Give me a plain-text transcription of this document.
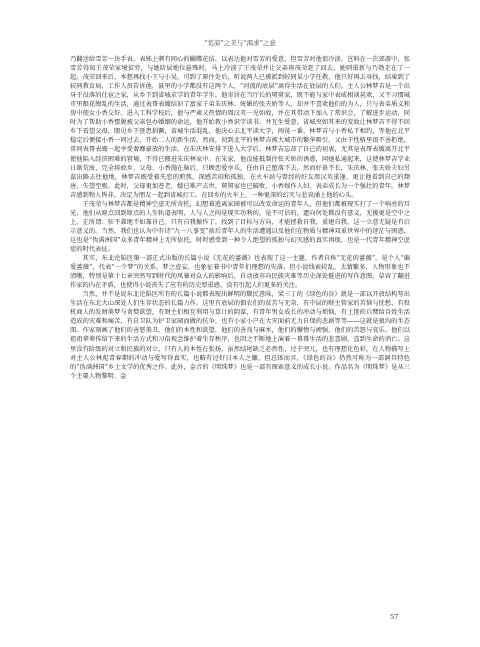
“荒凉”之美与“渴求”之意

乃翻送给雪芳一块手表，表姊上刺有同心的蝴蝶花结，以表达他对雪芳的爱意，但雪芳对他很冷淡。岂料在一次郊游中，张雪芳得知王茂荣家境贫穷，与她阶层地位悬殊时，马上冷淡了王茂荣并让父亲将茂荣赶了回去，她则重新与乃勃走在了一起。茂荣回来后，本想再找小王与小吴，可到了原住处后，听说两人已被派到较同某小学任教，他只好再去寻找，结果到了较同教育局，工作人员告诉他，县里的小学都没有这两个人，“河流的底层”离得生活在底层的人们。主人公林梦吉是一个出身于没落的仕宦之家，从乡下到省城求学的青年学生。他寄居在当厅长的舅舅家，既不能与家中表威相谈甚欢，又不习惯城市里眼花缭乱的生活，通过表哥表嫂结识了富家子弟朱庆林、妩媚的张天娇等人，却并不喜欢他们的为人，只与表弟质义和房中使女小香交好。进入工科学校后，他与严肃又热情的周汉英一见如故，并在其带动下加入了常识会，了解进步运动，同时为了帮助小香摆脱被父亲包办婚姻的命运，他开始教小香识字读书，并互生爱意。省城突如其来的变故让林梦吉不得不回乡下看望父母，眼见乡下匪患猖獗，省城生活混乱，他决心去北平读大学，闯荡一番。林梦吉与小香私下相约，等他在北平稳定后便接小香一同过去，开始二人的新生活。然而，初到北平的林梦吉被大城市的繁华吸引，又由于性格里很不善拒绝，常同表哥表嫂一起享受奢靡豪放的生活。在朱庆林安排下进入大学后，林梦吉忘却了自己的初衷，尤其是表哥表嫂离开北平使他陷入经济困难的窘境，不得已搬进朱庆林家中。在朱家，他没能抵制住张天娇的诱惑，同她私通起来，这使林梦吉学业日渐荒废，完全将故乡、父母、小香抛在脑后，只顾恋爱享乐，任由自己堕落下去。然而好景不长，朱庆林、张天娇夫妇另谋出路去往他地，林梦吉既受着失恋的煎熬，深感苦闷和孤独，在火车站与曾经的好友周汉英重逢，更让他看到自己的颓唐，失望至极。此时，父母更加苍老，嫂已难产去世，舅舅家也已破败，小香嫁作人妇，表弟成长为一个强壮的青年。林梦吉感到物人皆非，决定为朋友一起到省城打工。在回乡的火车上，一种更深的幻灭与悲哀涌上他的心头。

王茂荣与林梦吉都是精神空虚无所寄托，幻想着逃离家园被可以改变命运的青年人，但他们都被现实打了一个响亮的耳光，他们从原点回到原点的人生轨道表明，人与人之间是现实功利的，是不可信的，遗向何处都没有意义，无援更是空中之上，正所谓：驻不靠地不如靠自己。只有自我振作了，找到了目标与方向，才能拯救自我，重建自我。这一立意无疑是有启示意义的。当然，我们也认为中有诗“九一八事变”前后青年人的生活遭遇以及他们在物质与精神双重世界中的迷茫与困惑，这也是“伪满洲国”众多青年精神上无所依托，时时感受到一种令人绝望的孤独与幻灭感的真实再现，也是一代青年精神空虚症的时代表征。

其实，东北沦陷区第一部正式出版的长篇小说《无花的蔷薇》也表现了这一主题，作者自称“无花的蔷薇”，是个人“偏爱蔷薇”，代表“一个梦”的关系。梦之虚妄，也象征着书中青年们理想的失落。但小说线索较乱，太猜繁多，人物形象也不清晰，特别是第十七章突然写到时代的风暴对众人的影响后，自动放弃向民族灾难等历史深处挺进的写作意图，草菅了翻进作家的内在矛盾，也使得小说丧失了应有的历史厚重感，没有引起人们更多的关注。

当然，并不是说东北沦陷区所有的长篇小说都表现出鲜明的颓民意味，梁三丁的《绿色的谷》就是一部以开放结构写出生活在东北大山深处人们生存状态的长篇力作。这里有底层的佃农们的贫苦与无奈，有中层的财主管家的苦恼与忧愁，有投机商人的发财美梦与贪婪欲望，有财主们相互利用与算计的阴谋，有青年男女成长的冲动与烦恼，有土匪的兵燹给百姓生活造成的灾难和痛苦，有自卫队为护卫家园而做的抗争，也有小家小户在大灾面前无力自保的悲剧等等——这就是狼沟的生态图。作家刻画了他们的善恶美丑，他们的本性和欲望，他们的善良与麻木，他们的懈惰与顽强，他们的苦怒与哀乐。他们以祖祖辈辈传给下来的生活方式和习俗观念维护着生存秩序，也因之不断地上演着一幕幕生活的悲喜剧，直到生命的消亡。这里没有阶级的对立和民族的对立，只有人的本性在张扬，虽然结尾缺乏必然性，过于突兀，也有理想化色彩，在人物描写上对主人公林彪青春期的冲动与爱写得真实，也略有过好日本人之嫌，但总体而言，《绿色的谷》仍然可称为一部洞具特色的“伪满洲国”乡土文学的优秀之作。此外，金音的《明珠梦》也是一部有探索意义的成长小说。作品名为《明珠梦》是从三个主要人物黎明、金

57
